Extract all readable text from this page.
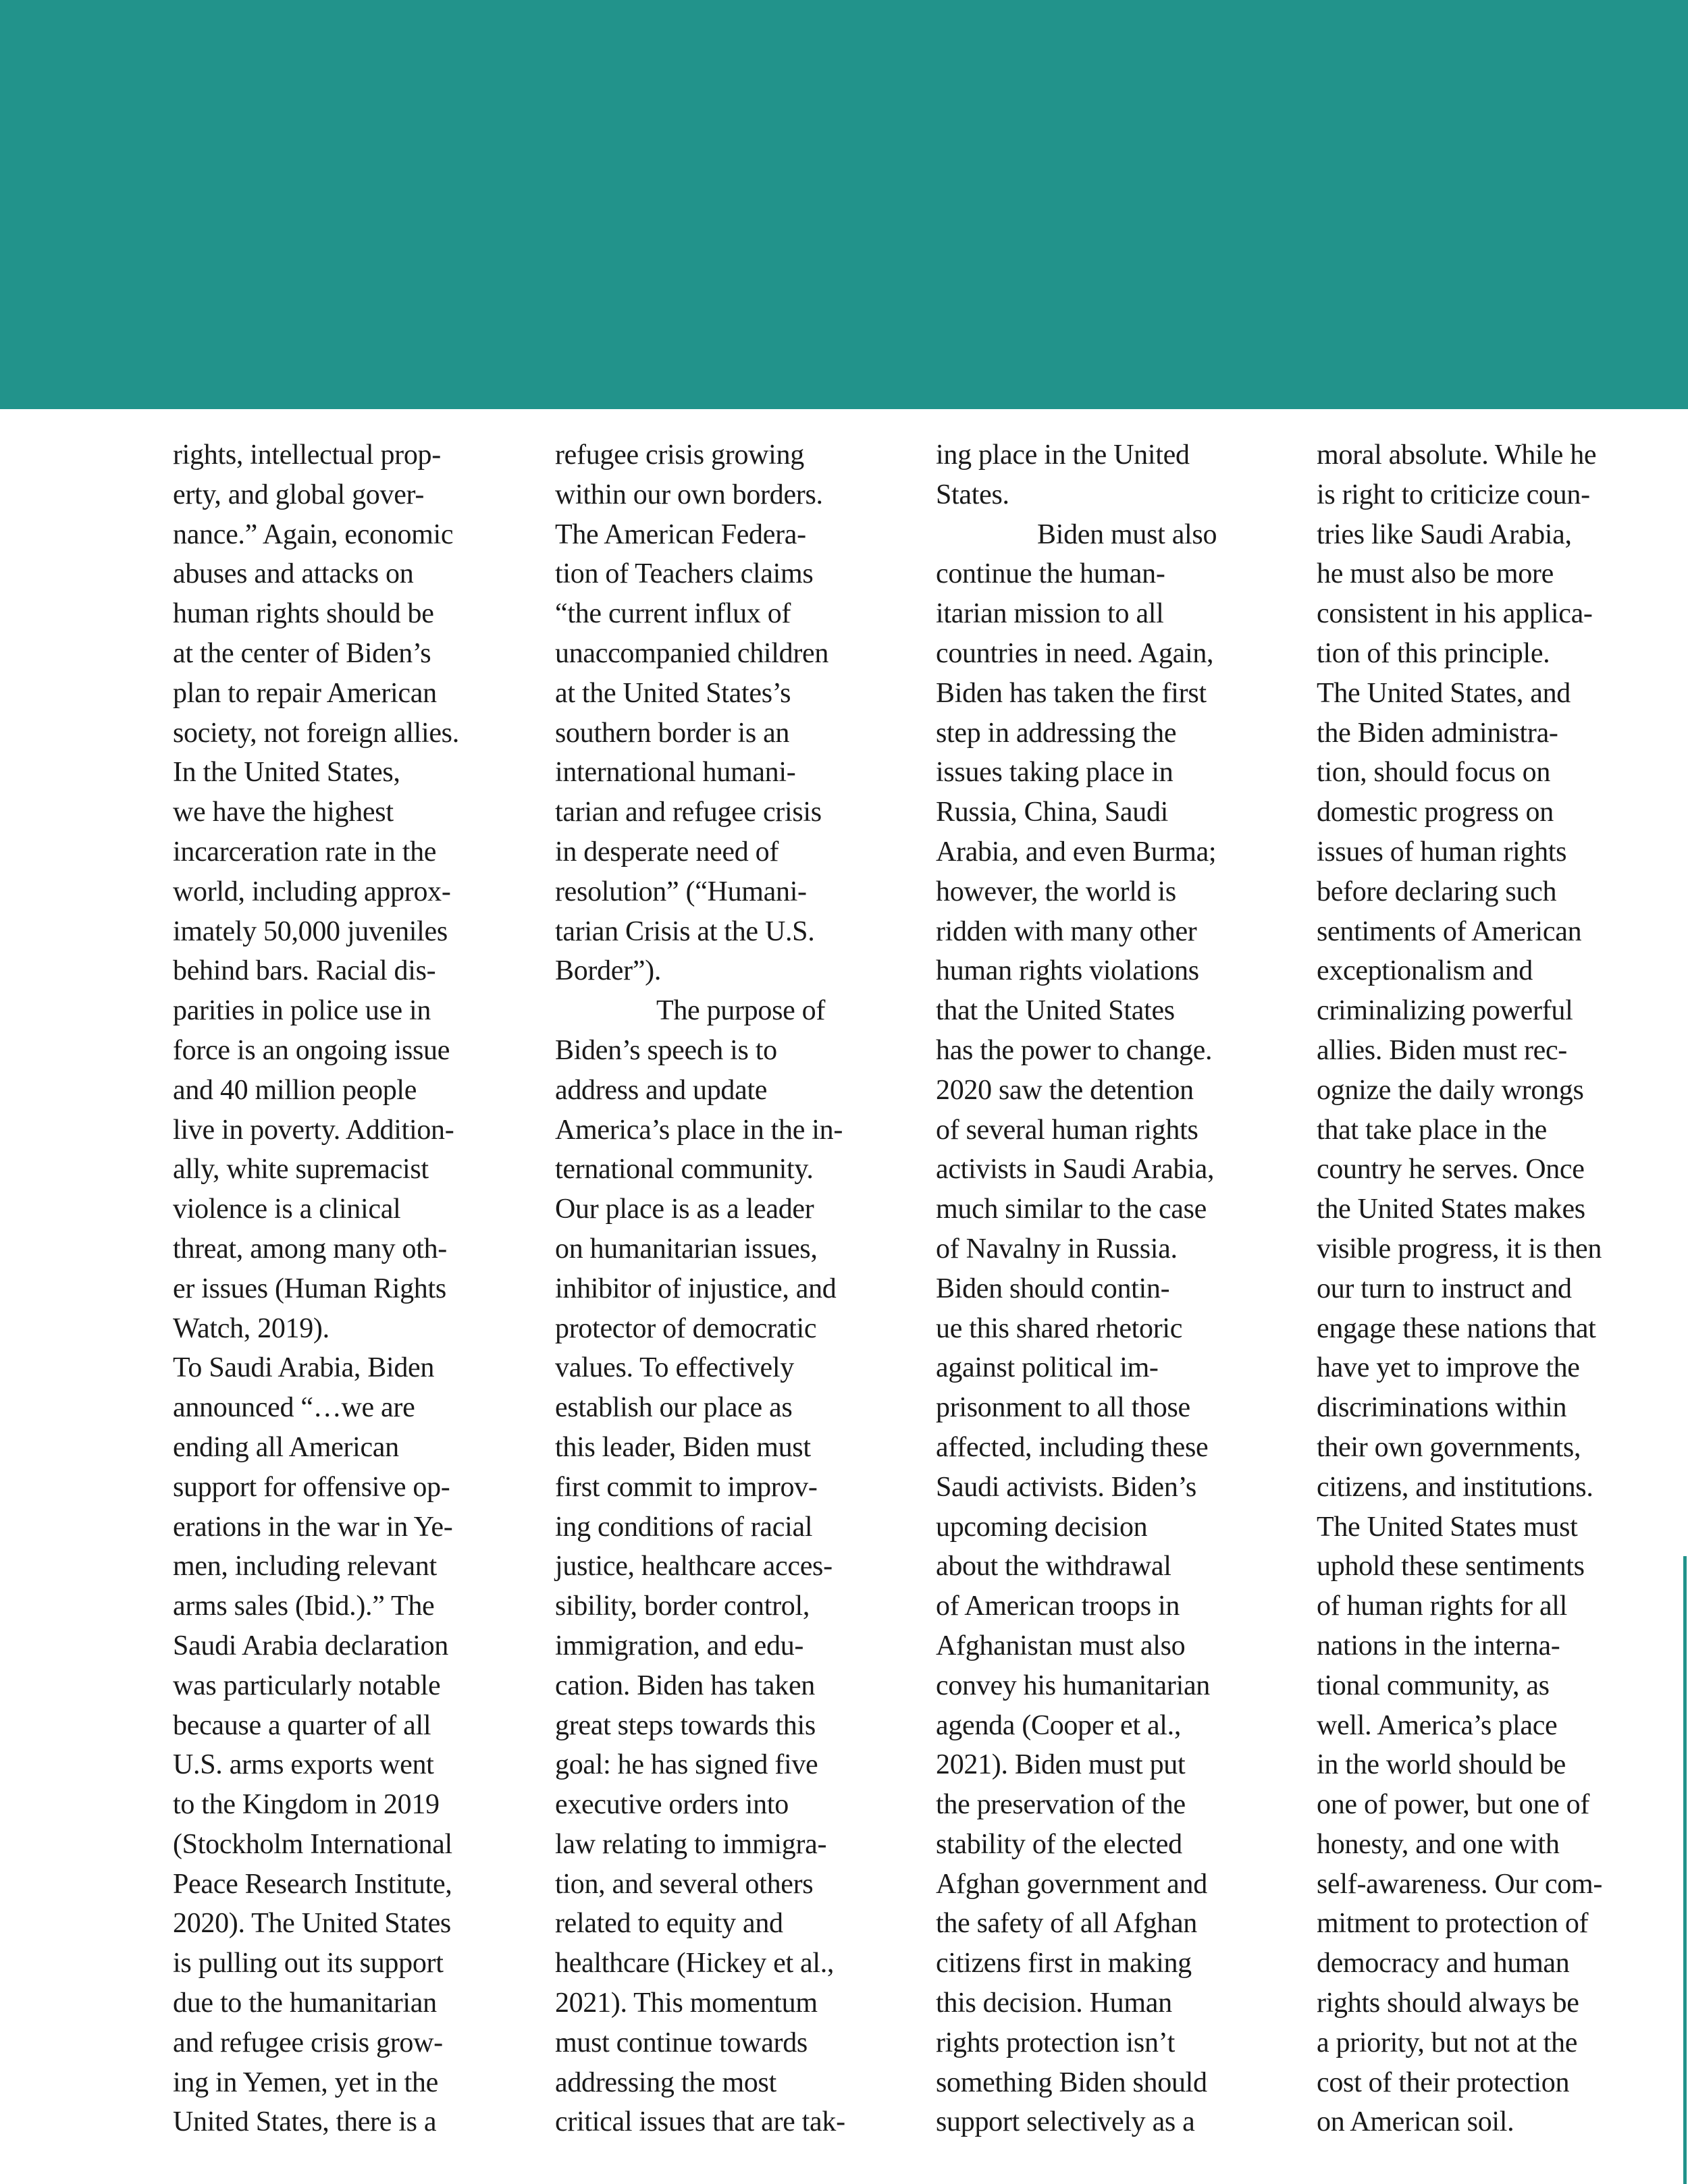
rights, intellectual prop-
erty, and global gover-
nance.” Again, economic
abuses and attacks on
human rights should be
at the center of Biden’s
plan to repair American
society, not foreign allies.
In the United States,
we have the highest
incarceration rate in the
world, including approx-
imately 50,000 juveniles
behind bars. Racial dis-
parities in police use in
force is an ongoing issue
and 40 million people
live in poverty. Addition-
ally, white supremacist
violence is a clinical
threat, among many oth-
er issues (Human Rights
Watch, 2019).

To Saudi Arabia, Biden
announced “…we are
ending all American
support for offensive op-
erations in the war in Ye-
men, including relevant
arms sales (Ibid.).” The
Saudi Arabia declaration
was particularly notable
because a quarter of all
U.S. arms exports went
to the Kingdom in 2019
(Stockholm International
Peace Research Institute,
2020). The United States
is pulling out its support
due to the humanitarian
and refugee crisis grow-
ing in Yemen, yet in the
United States, there is a

refugee crisis growing
within our own borders.
The American Federa-
tion of Teachers claims
“the current influx of
unaccompanied children
at the United States’s
southern border is an
international humani-
tarian and refugee crisis
in desperate need of
resolution” (“Humani-
tarian Crisis at the U.S.
Border”).

The purpose of
Biden’s speech is to
address and update
America’s place in the in-
ternational community.
Our place is as a leader
on humanitarian issues,
inhibitor of injustice, and
protector of democratic
values. To effectively
establish our place as
this leader, Biden must
first commit to improv-
ing conditions of racial
justice, healthcare acces-
sibility, border control,
immigration, and edu-
cation. Biden has taken
great steps towards this
goal: he has signed five
executive orders into
law relating to immigra-
tion, and several others
related to equity and
healthcare (Hickey et al.,
2021). This momentum
must continue towards
addressing the most
critical issues that are tak-

ing place in the United
States.

Biden must also
continue the human-
itarian mission to all
countries in need. Again,
Biden has taken the first
step in addressing the
issues taking place in
Russia, China, Saudi
Arabia, and even Burma;
however, the world is
ridden with many other
human rights violations
that the United States
has the power to change.
2020 saw the detention
of several human rights
activists in Saudi Arabia,
much similar to the case
of Navalny in Russia.
Biden should contin-
ue this shared rhetoric
against political im-
prisonment to all those
affected, including these
Saudi activists. Biden’s
upcoming decision
about the withdrawal
of American troops in
Afghanistan must also
convey his humanitarian
agenda (Cooper et al.,
2021). Biden must put
the preservation of the
stability of the elected
Afghan government and
the safety of all Afghan
citizens first in making
this decision. Human
rights protection isn’t
something Biden should
support selectively as a

moral absolute. While he
is right to criticize coun-
tries like Saudi Arabia,
he must also be more
consistent in his applica-
tion of this principle.
The United States, and
the Biden administra-
tion, should focus on
domestic progress on
issues of human rights
before declaring such
sentiments of American
exceptionalism and
criminalizing powerful
allies. Biden must rec-
ognize the daily wrongs
that take place in the
country he serves. Once
the United States makes
visible progress, it is then
our turn to instruct and
engage these nations that
have yet to improve the
discriminations within
their own governments,
citizens, and institutions.
The United States must
uphold these sentiments
of human rights for all
nations in the interna-
tional community, as
well. America’s place
in the world should be
one of power, but one of
honesty, and one with
self-awareness. Our com-
mitment to protection of
democracy and human
rights should always be
a priority, but not at the
cost of their protection
on American soil.
